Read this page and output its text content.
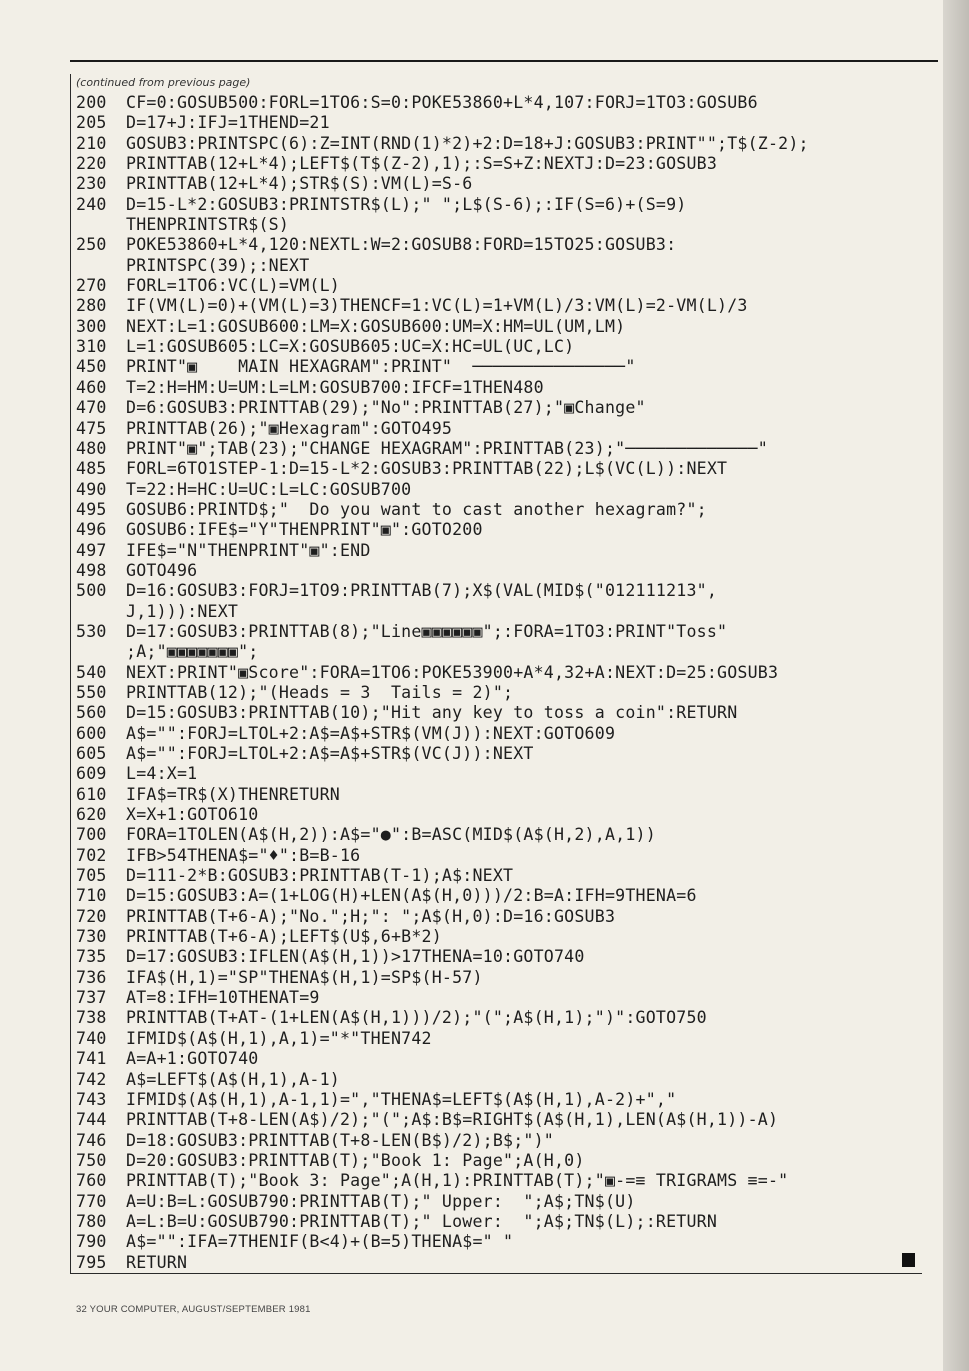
(continued from previous page)
200 CF=0:GOSUB500:FORL=1TO6:S=0:POKE53860+L*4,107:FORJ=1TO3:GOSUB6
205 D=17+J:IFJ=1THEND=21
210 GOSUB3:PRINTSPC(6):Z=INT(RND(1)*2)+2:D=18+J:GOSUB3:PRINT"";T$(Z-2);
220 PRINTTAB(12+L*4);LEFT$(T$(Z-2),1);:S=S+Z:NEXTJ:D=23:GOSUB3
230 PRINTTAB(12+L*4);STR$(S):VM(L)=S-6
240 D=15-L*2:GOSUB3:PRINTSTR$(L);" ";L$(S-6);:IF(S=6)+(S=9)
THENPRINTSTR$(S)
250 POKE53860+L*4,120:NEXTL:W=2:GOSUB8:FORD=15TO25:GOSUB3:
PRINTSPC(39);:NEXT
270 FORL=1TO6:VC(L)=VM(L)
280 IF(VM(L)=0)+(VM(L)=3)THENCF=1:VC(L)=1+VM(L)/3:VM(L)=2-VM(L)/3
300 NEXT:L=1:GOSUB600:LM=X:GOSUB600:UM=X:HM=UL(UM,LM)
310 L=1:GOSUB605:LC=X:GOSUB605:UC=X:HC=UL(UC,LC)
450 PRINT"▣    MAIN HEXAGRAM":PRINT"  ───────────────"
460 T=2:H=HM:U=UM:L=LM:GOSUB700:IFCF=1THEN480
470 D=6:GOSUB3:PRINTTAB(29);"No":PRINTTAB(27);"▣Change"
475 PRINTTAB(26);"▣Hexagram":GOTO495
480 PRINT"▣";TAB(23);"CHANGE HEXAGRAM":PRINTTAB(23);"─────────────"
485 FORL=6TO1STEP-1:D=15-L*2:GOSUB3:PRINTTAB(22);L$(VC(L)):NEXT
490 T=22:H=HC:U=UC:L=LC:GOSUB700
495 GOSUB6:PRINTD$;"  Do you want to cast another hexagram?";
496 GOSUB6:IFE$="Y"THENPRINT"▣":GOTO200
497 IFE$="N"THENPRINT"▣":END
498 GOTO496
500 D=16:GOSUB3:FORJ=1TO9:PRINTTAB(7);X$(VAL(MID$("012111213",
J,1))):NEXT
530 D=17:GOSUB3:PRINTTAB(8);"Line▣▣▣▣▣▣";:FORA=1TO3:PRINT"Toss"
;A;"▣▣▣▣▣▣▣";
540 NEXT:PRINT"▣Score":FORA=1TO6:POKE53900+A*4,32+A:NEXT:D=25:GOSUB3
550 PRINTTAB(12);"(Heads = 3  Tails = 2)";
560 D=15:GOSUB3:PRINTTAB(10);"Hit any key to toss a coin":RETURN
600 A$="":FORJ=LTOL+2:A$=A$+STR$(VM(J)):NEXT:GOTO609
605 A$="":FORJ=LTOL+2:A$=A$+STR$(VC(J)):NEXT
609 L=4:X=1
610 IFA$=TR$(X)THENRETURN
620 X=X+1:GOTO610
700 FORA=1TOLEN(A$(H,2)):A$="●":B=ASC(MID$(A$(H,2),A,1))
702 IFB>54THENA$="♦":B=B-16
705 D=111-2*B:GOSUB3:PRINTTAB(T-1);A$:NEXT
710 D=15:GOSUB3:A=(1+LOG(H)+LEN(A$(H,0)))/2:B=A:IFH=9THENA=6
720 PRINTTAB(T+6-A);"No.";H;": ";A$(H,0):D=16:GOSUB3
730 PRINTTAB(T+6-A);LEFT$(U$,6+B*2)
735 D=17:GOSUB3:IFLEN(A$(H,1))>17THENA=10:GOTO740
736 IFA$(H,1)="SP"THENA$(H,1)=SP$(H-57)
737 AT=8:IFH=10THENAT=9
738 PRINTTAB(T+AT-(1+LEN(A$(H,1)))/2);"(";A$(H,1);")":GOTO750
740 IFMID$(A$(H,1),A,1)="*"THEN742
741 A=A+1:GOTO740
742 A$=LEFT$(A$(H,1),A-1)
743 IFMID$(A$(H,1),A-1,1)=","THENA$=LEFT$(A$(H,1),A-2)+","
744 PRINTTAB(T+8-LEN(A$)/2);"(";A$:B$=RIGHT$(A$(H,1),LEN(A$(H,1))-A)
746 D=18:GOSUB3:PRINTTAB(T+8-LEN(B$)/2);B$;")"
750 D=20:GOSUB3:PRINTTAB(T);"Book 1: Page";A(H,0)
760 PRINTTAB(T);"Book 3: Page";A(H,1):PRINTTAB(T);"▣-=≡ TRIGRAMS ≡=-"
770 A=U:B=L:GOSUB790:PRINTTAB(T);" Upper:  ";A$;TN$(U)
780 A=L:B=U:GOSUB790:PRINTTAB(T);" Lower:  ";A$;TN$(L);:RETURN
790 A$="":IFA=7THENIF(B<4)+(B=5)THENA$=" "
795 RETURN
32 YOUR COMPUTER, AUGUST/SEPTEMBER 1981
